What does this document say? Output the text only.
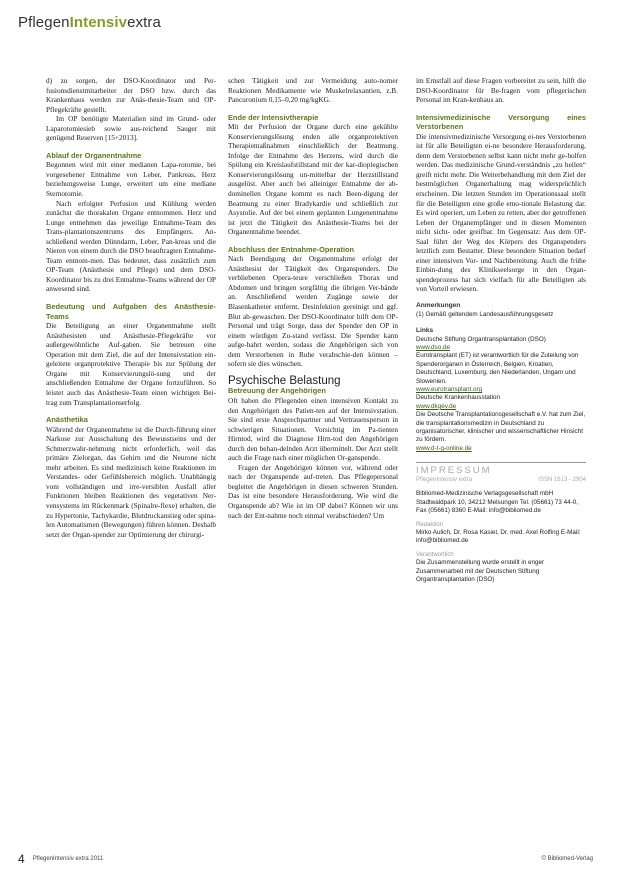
PflegenIntensivextra

d) zu sorgen, der DSO-Koordinator und Per-fusionsdienstmitarbeiter der DSO bzw. durch das Krankenhaus werden zur Anäs-thesie-Team und OP-Pflegekräfte gestellt.

Im OP benötigte Materialien sind im Grund- oder Laparotomiesieb sowie aus-reichend Sauger mit genügend Reserven [15+2013].

Ablauf der Organentnahme

Begonnen wird mit einer medianen Lapa-rotomie, bei vorgesehener Entnahme von Leber, Pankreas, Herz beziehungsweise Lunge, erweitert um eine mediane Sternotomie.

Nach erfolgter Perfusion und Kühlung werden zunächst die thorakalen Organe entnommen. Herz und Lunge entnehmen das jeweilige Entnahme-Team des Trans-plantationszentrums des Empfängers. An-schließend werden Dünndarm, Leber, Pan-kreas und die Nieren von einem durch die DSO beauftragten Entnahme-Team entnom-men. Das bedeutet, dass zusätzlich zum OP-Team (Anästhesie und Pflege) und dem DSO-Koordinator bis zu drei Entnahme-Teams während der OP anwesend sind.

Bedeutung und Aufgaben des Anästhesie-Teams

Die Beteiligung an einer Organentnahme stellt Anästhesisten und Anästhesie-Pflegekräfte vor außergewöhnliche Auf-gaben. Sie betreuen eine Operation mit dem Ziel, die auf der Intensivstation ein-geleitete organprotektive Therapie bis zur Spülung der Organe mit Konservierungslö-sung und der anschließenden Entnahme der Organe fortzuführen. So leistet auch das Anästhesie-Team einen wichtigen Bei-trag zum Transplantationserfolg.

Anästhetika

Während der Organentnahme ist die Durch-führung einer Narkose zur Ausschaltung des Bewusstseins und der Schmerzwahr-nehmung nicht erforderlich, weil das primäre Zielorgan, das Gehirn und die Neurone nicht mehr arbeiten. Es sind medizinisch keine Reaktionen im Verstandes- oder Gefühlsbereich möglich. Unabhängig vom vollständigen und irre-versiblen Ausfall aller Funktionen bleiben Reaktionen des vegetativen Ner-vensystems im Rückenmark (Spinalre-flexe) erhalten, die zu Hypertonie, Tachykardie, Blutdruckanstieg oder spina-len Automatismen (Bewegungen) führen können. Deshalb setzt der Organ-spender zur Optimierung der chirurgi-

schen Tätigkeit und zur Vermeidung auto-nomer Reaktionen Medikamente wie Muskelrelaxantien, z.B. Pancuronium 0,15–0,20 mg/kgKG.

Ende der Intensivtherapie

Mit der Perfusion der Organe durch eine gekühlte Konservierungslösung enden alle organprotektiven Therapiemaßnahmen einschließlich der Beatmung. Infolge der Entnahme des Herzens, wird durch die Spülung ein Kreislaufstillstand mit der kar-dioplegischen Konservierungslösung un-mittelbar der Herzstillstand ausgelöst. Aber auch bei alleiniger Entnahme der ab-dominellen Organe kommt es nach Been-digung der Beatmung zu einer Bradykardie und schließlich zur Asystolie. Auf der bei einem geplanten Lungenentnahme ist jetzt die Tätigkeit des Anästhesie-Teams bei der Organentnahme beendet.

Abschluss der Entnahme-Operation

Nach Beendigung der Organentnahme erfolgt der Anästhesist der Tätigkeit des Organspenders. Die verbliebenen Opera-teure verschließen Thorax und Abdomen und bringen sorgfältig die übrigen Ver-bände an. Anschließend werden Zugänge sowie der Blasenkatheter entfernt, Desinfektion gereinigt und ggf. Blut ab-gewaschen. Der DSO-Koordinator hilft dem OP-Personal und trägt Sorge, dass der Spender den OP in einem würdigen Zu-stand verlässt. Die Spender kann aufge-bahrt werden, sodass die Angehörigen sich von dem Verstorbenen in Ruhe verabschie-den können – sofern sie dies wünschen.

Psychische Belastung
Betreuung der Angehörigen

Oft haben die Pflegenden einen intensiven Kontakt zu den Angehörigen des Patien-ten auf der Intensivstation. Sie sind erste Ansprechpartner und Vertrauensperson in schwierigen Situationen. Vorsichtig im Pa-tienten Hirntod, wird die Diagnose Hirn-tod den Angehörigen durch den behan-delnden Arzt übermittelt. Der Arzt stellt auch die Frage nach einer möglichen Or-ganspende.

Fragen der Angehörigen können vor, während oder nach der Organspende auf-treten. Das Pflegepersonal begleitet die Angehörigen in diesen schweren Stunden. Das ist eine besondere Herausforderung. Wie wird die Organspende ab? Wie ist im OP dabei? Können wir uns nach der Ent-nahme noch einmal verabschieden? Um

im Ernstfall auf diese Fragen vorbereitet zu sein, hilft die DSO-Koordinator für Be-fragen vom pflegerischen Personal im Kran-kenhaus an.

Intensivmedizinische Versorgung eines Verstorbenen

Die intensivmedizinische Versorgung ei-nes Verstorbenen ist für alle Beteiligten ei-ne besondere Herausforderung, denn dem Verstorbenen selbst kann nicht mehr ge-holfen werden. Das medizinische Grund-verständnis „zu heilen“ greift nicht mehr. Die Weiterbehandlung mit dem Ziel der bestmöglichen Organerhaltung mag widersprüchlich erscheinen. Die letzten Stunden im Operationssaal stellt für die Beteiligten eine große emo-tionale Belastung dar. Es wird operiert, um Leben zu retten, aber der getroffenen Leben der Organempfänger und in diesen Momenten nicht sicht- oder greifbar. Im Gegensatz: Aus dem OP-Saal führt der Weg des Körpers des Organspenders letztlich zum Bestatter. Diese besondere Situation bedarf einer intensiven Vor- und Nachbereitung. Auch die frühe Einbin-dung des Klinikseelsorge in den Organ-spendeprozess hat sich vielfach für alle Beteiligten als von Vorteil erwiesen.

Anmerkungen
(1) Gemäß geltendem Landesausführungsgesetz
Links
Deutsche Stiftung Organtransplantation (DSO)
www.dso.de
Eurotransplant (ET) ist verantwortlich für die Zuteilung von Spenderorganen in Österreich, Belgien, Kroatien, Deutschland, Luxemburg, den Niederlanden, Ungarn und Slowenien.
www.eurotransplant.org
Deutsche Krankenhausstation
www.dkgev.de
Die Deutsche Transplantationsgesellschaft e.V. hat zum Ziel, die transplantationsmedizin in Deutschland zu organisatorischer, klinischer und wissenschaftlicher Hinsicht zu fördern.
www.d-t-g-online.de
IMPRESSUM
PflegenIntensiv extra	ISSN 1613 - 2904
Bibliomed-Medizinische Verlagsgesellschaft mbH Stadtwaldpark 10, 34212 Melsungen Tel. (05661) 73 44-0, Fax (05661) 8360 E-Mail: info@bibliomed.de
Redaktion
Mirko Aulich, Dr. Rosa Kasiel, Dr. med. Axel Rolfing E-Mail: info@bibliomed.de
Verantwortlich
Die Zusammenstellung wurde erstellt in enger Zusammenarbeit mit der Deutschen Stiftung Organtransplantation (DSO)
4 PflegenIntensiv extra 2011	© Bibliomed-Verlag
